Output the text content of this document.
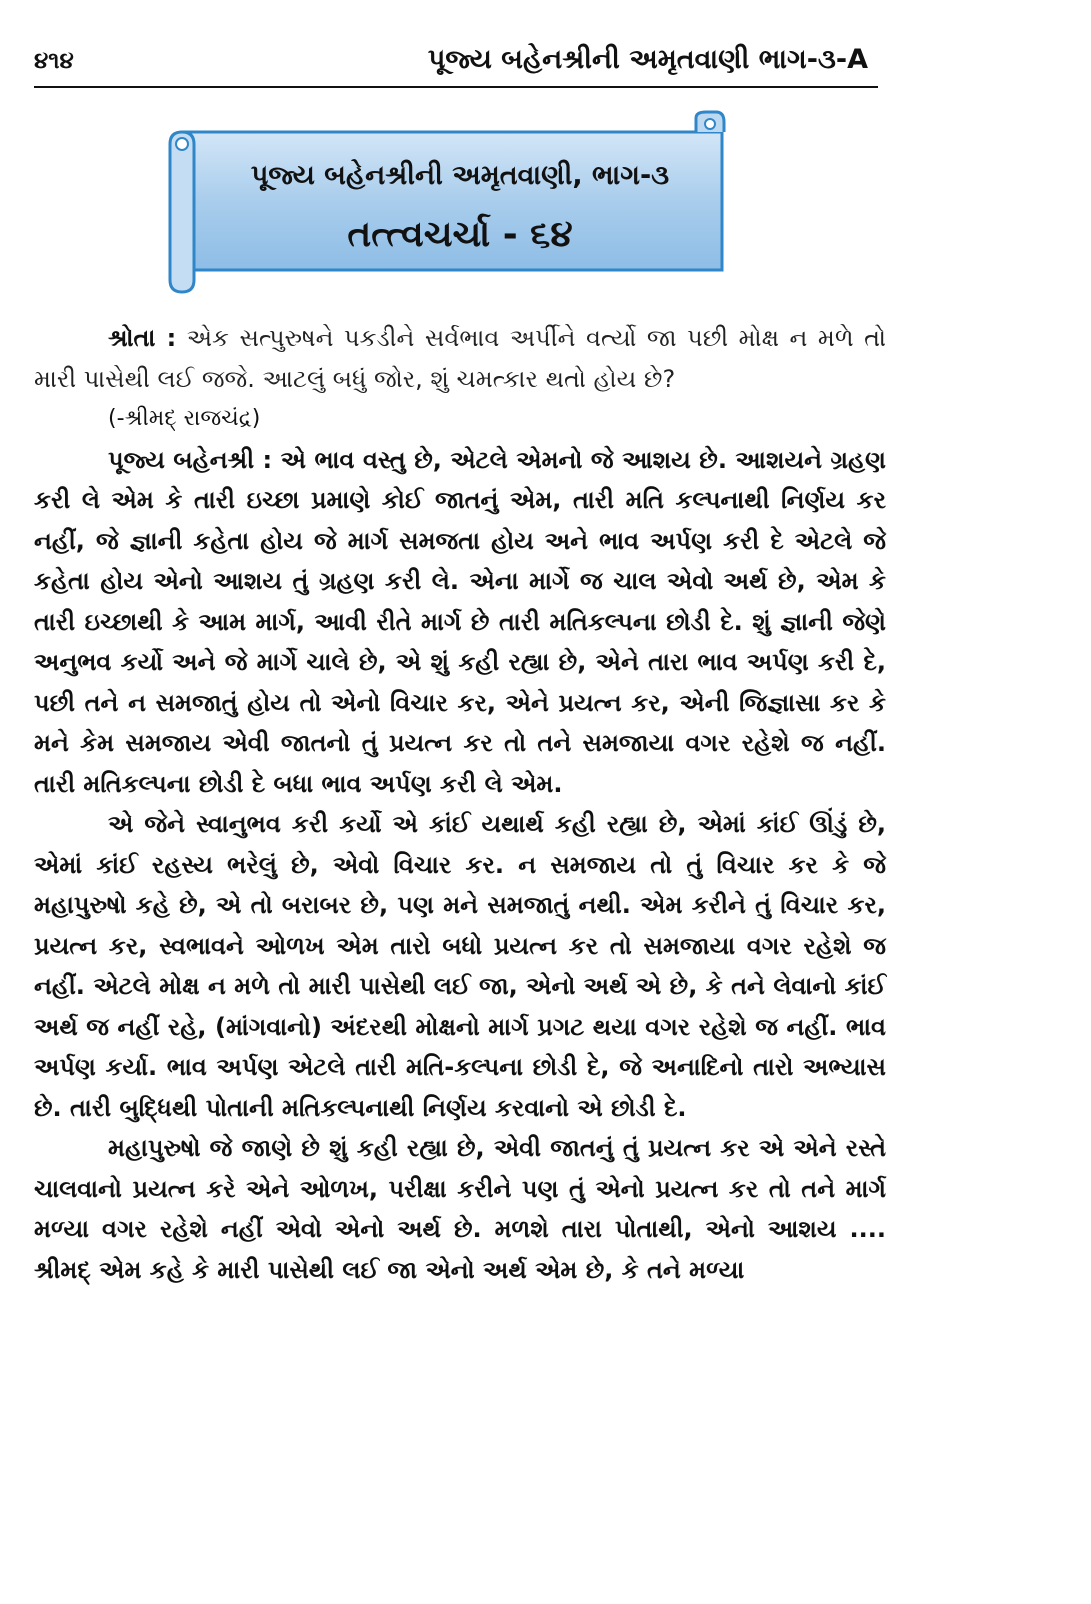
૪૧૪	પૂજ્ય બહેનશ્રીની અમૃતવાણી ભાગ-૩-A
પૂજ્ય બહેનશ્રીની અમૃતવાણી, ભાગ-૩
તત્ત્વચર્ચા - ૬૪

શ્રોતા : એક સત્પુરુષને પકડીને સર્વભાવ અર્પીને વર્ત્યો જા પછી મોક્ષ ન મળે તો મારી પાસેથી લઈ જજે. આટલું બધું જોર, શું ચમત્કાર થતો હોય છે?

(-શ્રીમદ્ રાજચંદ્ર)

પૂજ્ય બહેનશ્રી : એ ભાવ વસ્તુ છે, એટલે એમનો જે આશય છે. આશયને ગ્રહણ કરી લે એમ કે તારી ઇચ્છા પ્રમાણે કોઈ જાતનું એમ, તારી મતિ કલ્પનાથી નિર્ણય કર નહીં, જે જ્ઞાની કહેતા હોય જે માર્ગ સમજતા હોય અને ભાવ અર્પણ કરી દે એટલે જે કહેતા હોય એનો આશય તું ગ્રહણ કરી લે. એના માર્ગે જ ચાલ એવો અર્થ છે, એમ કે તારી ઇચ્છાથી કે આમ માર્ગ, આવી રીતે માર્ગ છે તારી મતિકલ્પના છોડી દે. શું જ્ઞાની જેણે અનુભવ કર્યો અને જે માર્ગે ચાલે છે, એ શું કહી રહ્યા છે, એને તારા ભાવ અર્પણ કરી દે, પછી તને ન સમજાતું હોય તો એનો વિચાર કર, એને પ્રયત્ન કર, એની જિજ્ઞાસા કર કે મને કેમ સમજાય એવી જાતનો તું પ્રયત્ન કર તો તને સમજાયા વગર રહેશે જ નહીં. તારી મતિકલ્પના છોડી દે બધા ભાવ અર્પણ કરી લે એમ.

એ જેને સ્વાનુભવ કરી કર્યો એ કાંઈ યથાર્થ કહી રહ્યા છે, એમાં કાંઈ ઊંડું છે, એમાં કાંઈ રહસ્ય ભરેલું છે, એવો વિચાર કર. ન સમજાય તો તું વિચાર કર કે જે મહાપુરુષો કહે છે, એ તો બરાબર છે, પણ મને સમજાતું નથી. એમ કરીને તું વિચાર કર, પ્રયત્ન કર, સ્વભાવને ઓળખ એમ તારો બધો પ્રયત્ન કર તો સમજાયા વગર રહેશે જ નહીં. એટલે મોક્ષ ન મળે તો મારી પાસેથી લઈ જા, એનો અર્થ એ છે, કે તને લેવાનો કાંઈ અર્થ જ નહીં રહે, (માંગવાનો) અંદરથી મોક્ષનો માર્ગ પ્રગટ થયા વગર રહેશે જ નહીં. ભાવ અર્પણ કર્યા. ભાવ અર્પણ એટલે તારી મતિ-કલ્પના છોડી દે, જે અનાદિનો તારો અભ્યાસ છે. તારી બુદ્ધિથી પોતાની મતિકલ્પનાથી નિર્ણય કરવાનો એ છોડી દે.

મહાપુરુષો જે જાણે છે શું કહી રહ્યા છે, એવી જાતનું તું પ્રયત્ન કર એ એને રસ્તે ચાલવાનો પ્રયત્ન કરે એને ઓળખ, પરીક્ષા કરીને પણ તું એનો પ્રયત્ન કર તો તને માર્ગ મળ્યા વગર રહેશે નહીં એવો એનો અર્થ છે. મળશે તારા પોતાથી, એનો આશય .... શ્રીમદ્ એમ કહે કે મારી પાસેથી લઈ જા એનો અર્થ એમ છે, કે તને મળ્યા
